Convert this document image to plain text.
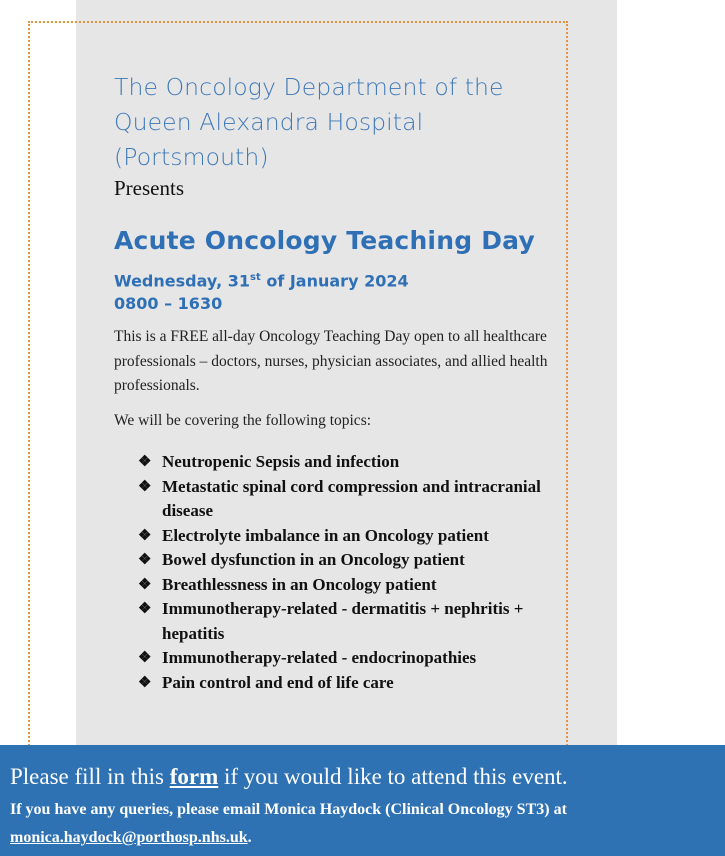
The Oncology Department of the
Queen Alexandra Hospital
(Portsmouth)
Presents
Acute Oncology Teaching Day
Wednesday, 31st of January 2024
0800 – 1630
This is a FREE all-day Oncology Teaching Day open to all healthcare professionals – doctors, nurses, physician associates, and allied health professionals.
We will be covering the following topics:
❖ Neutropenic Sepsis and infection
❖ Metastatic spinal cord compression and intracranial disease
❖ Electrolyte imbalance in an Oncology patient
❖ Bowel dysfunction in an Oncology patient
❖ Breathlessness in an Oncology patient
❖ Immunotherapy-related - dermatitis + nephritis + hepatitis
❖ Immunotherapy-related - endocrinopathies
❖ Pain control and end of life care
Please fill in this form if you would like to attend this event.
If you have any queries, please email Monica Haydock (Clinical Oncology ST3) at monica.haydock@porthosp.nhs.uk.
